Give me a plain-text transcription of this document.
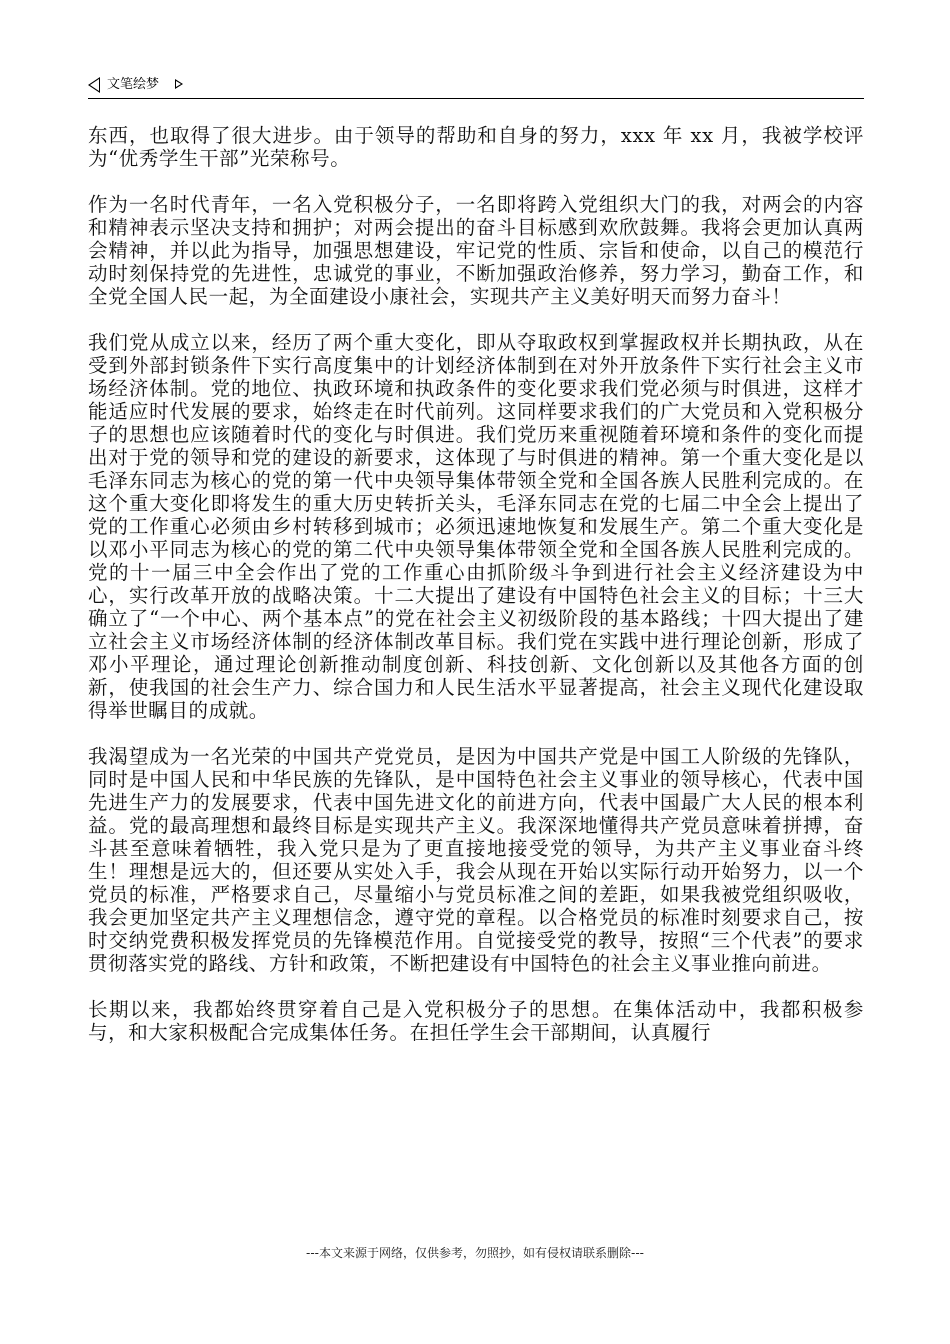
文笔绘梦

东西，也取得了很大进步。由于领导的帮助和自身的努力，xxx 年 xx 月，我被学校评为“优秀学生干部”光荣称号。

作为一名时代青年，一名入党积极分子，一名即将跨入党组织大门的我，对两会的内容和精神表示坚决支持和拥护；对两会提出的奋斗目标感到欢欣鼓舞。我将会更加认真两会精神，并以此为指导，加强思想建设，牢记党的性质、宗旨和使命，以自己的模范行动时刻保持党的先进性，忠诚党的事业，不断加强政治修养，努力学习，勤奋工作，和全党全国人民一起，为全面建设小康社会，实现共产主义美好明天而努力奋斗！

我们党从成立以来，经历了两个重大变化，即从夺取政权到掌握政权并长期执政，从在受到外部封锁条件下实行高度集中的计划经济体制到在对外开放条件下实行社会主义市场经济体制。党的地位、执政环境和执政条件的变化要求我们党必须与时俱进，这样才能适应时代发展的要求，始终走在时代前列。这同样要求我们的广大党员和入党积极分子的思想也应该随着时代的变化与时俱进。我们党历来重视随着环境和条件的变化而提出对于党的领导和党的建设的新要求，这体现了与时俱进的精神。第一个重大变化是以毛泽东同志为核心的党的第一代中央领导集体带领全党和全国各族人民胜利完成的。在这个重大变化即将发生的重大历史转折关头，毛泽东同志在党的七届二中全会上提出了党的工作重心必须由乡村转移到城市；必须迅速地恢复和发展生产。第二个重大变化是以邓小平同志为核心的党的第二代中央领导集体带领全党和全国各族人民胜利完成的。党的十一届三中全会作出了党的工作重心由抓阶级斗争到进行社会主义经济建设为中心，实行改革开放的战略决策。十二大提出了建设有中国特色社会主义的目标；十三大确立了“一个中心、两个基本点”的党在社会主义初级阶段的基本路线；十四大提出了建立社会主义市场经济体制的经济体制改革目标。我们党在实践中进行理论创新，形成了邓小平理论，通过理论创新推动制度创新、科技创新、文化创新以及其他各方面的创新，使我国的社会生产力、综合国力和人民生活水平显著提高，社会主义现代化建设取得举世瞩目的成就。

我渴望成为一名光荣的中国共产党党员，是因为中国共产党是中国工人阶级的先锋队，同时是中国人民和中华民族的先锋队，是中国特色社会主义事业的领导核心，代表中国先进生产力的发展要求，代表中国先进文化的前进方向，代表中国最广大人民的根本利益。党的最高理想和最终目标是实现共产主义。我深深地懂得共产党员意味着拼搏，奋斗甚至意味着牺牲，我入党只是为了更直接地接受党的领导，为共产主义事业奋斗终生！理想是远大的，但还要从实处入手，我会从现在开始以实际行动开始努力，以一个党员的标准，严格要求自己，尽量缩小与党员标准之间的差距，如果我被党组织吸收，我会更加坚定共产主义理想信念，遵守党的章程。以合格党员的标准时刻要求自己，按时交纳党费积极发挥党员的先锋模范作用。自觉接受党的教导，按照“三个代表”的要求贯彻落实党的路线、方针和政策，不断把建设有中国特色的社会主义事业推向前进。

长期以来，我都始终贯穿着自己是入党积极分子的思想。在集体活动中，我都积极参与，和大家积极配合完成集体任务。在担任学生会干部期间，认真履行

---本文来源于网络，仅供参考，勿照抄，如有侵权请联系删除---
